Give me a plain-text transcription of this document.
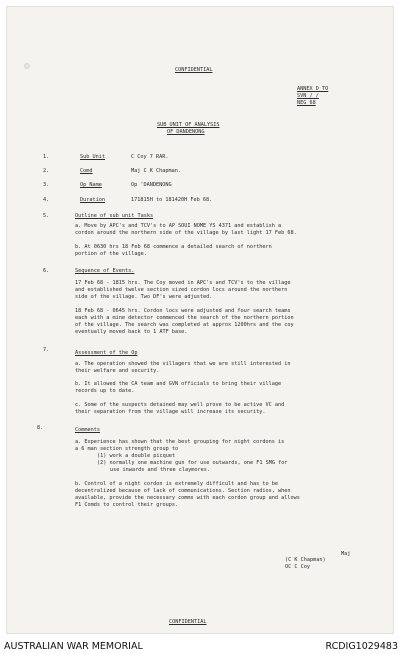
CONFIDENTIAL
ANNEX D TO
SVN / /
NEG 68
SUB UNIT OF ANALYSIS
OF DANDENONG
1.	Sub Unit	C Coy 7 RAR.
2.	Comd	Maj C K Chapman.
3.	Op Name	Op 'DANDENONG
4.	Duration	171815H to 181420H Feb 68.
5.	Outline of sub unit Tasks
a. Move by APC's and TCV's to AP SOUI NOME YS 4371 and establish a
cordon around the northern side of the village by last light 17 Feb 68.
b. At 0630 hrs 18 Feb 68 commence a detailed search of northern
portion of the village.
6.	Sequence of Events.
17 Feb 68 - 1815 hrs. The Coy moved in APC's and TCV's to the village
and established twelve section sized cordon locs around the northern
side of the village. Two DF's were adjusted.
18 Feb 68 - 0645 hrs. Cordon locs were adjusted and four search teams
each with a mine detector commenced the search of the northern portion
of the village. The search was completed at approx 1200hrs and the coy
eventually moved back to 1 ATF base.
7.	Assessment of the Op
a. The operation showed the villagers that we are still interested in
their welfare and security.
b. It allowed the CA team and GVN officials to bring their village
records up to date.
c. Some of the suspects detained may well prove to be active VC and
their separation from the village will increase its security.
8.	Comments
a. Experience has shown that the best grouping for night cordons is
a 6 man section strength group to
(1) work a double picquet
(2) normally one machine gun for use outwards, one F1 SMG for
use inwards and three claymores.
b. Control of a night cordon is extremely difficult and has to be
decentralized because of lack of communications. Section radios, when
available, provide the necessary comms with each cordon group and allows
F1 Comds to control their groups.
Maj
(C K Chapman)
OC C Coy
CONFIDENTIAL
AUSTRALIAN WAR MEMORIAL	RCDIG1029483
